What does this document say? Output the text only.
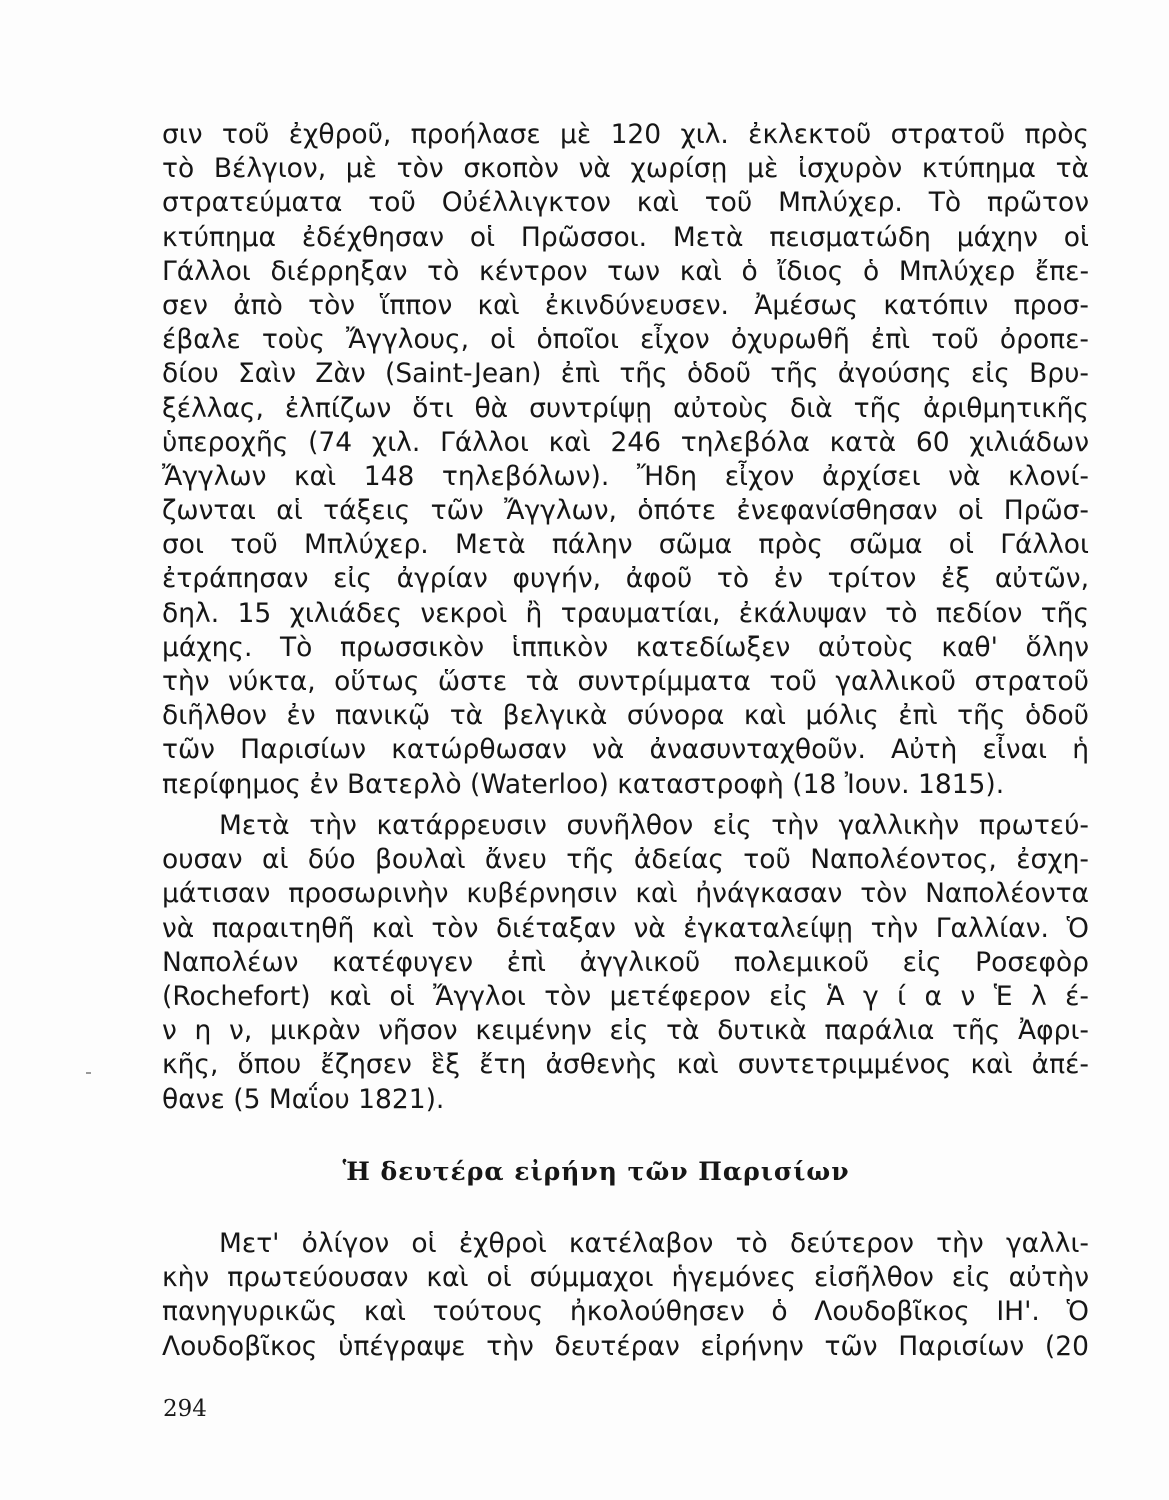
σιν τοῦ ἐχθροῦ, προήλασε μὲ 120 χιλ. ἐκλεκτοῦ στρατοῦ πρὸς
τὸ Βέλγιον, μὲ τὸν σκοπὸν νὰ χωρίσῃ μὲ ἰσχυρὸν κτύπημα τὰ
στρατεύματα τοῦ Οὐέλλιγκτον καὶ τοῦ Μπλύχερ. Τὸ πρῶτον
κτύπημα ἐδέχθησαν οἱ Πρῶσσοι. Μετὰ πεισματώδη μάχην οἱ
Γάλλοι διέρρηξαν τὸ κέντρον των καὶ ὁ ἴδιος ὁ Μπλύχερ ἔπε-
σεν ἀπὸ τὸν ἵππον καὶ ἐκινδύνευσεν. Ἀμέσως κατόπιν προσ-
έβαλε τοὺς Ἄγγλους, οἱ ὁποῖοι εἶχον ὀχυρωθῆ ἐπὶ τοῦ ὀροπε-
δίου Σαὶν Ζὰν (Saint-Jean) ἐπὶ τῆς ὁδοῦ τῆς ἀγούσης εἰς Βρυ-
ξέλλας, ἐλπίζων ὅτι θὰ συντρίψῃ αὐτοὺς διὰ τῆς ἀριθμητικῆς
ὑπεροχῆς (74 χιλ. Γάλλοι καὶ 246 τηλεβόλα κατὰ 60 χιλιάδων
Ἄγγλων καὶ 148 τηλεβόλων). Ἤδη εἶχον ἀρχίσει νὰ κλονί-
ζωνται αἱ τάξεις τῶν Ἄγγλων, ὁπότε ἐνεφανίσθησαν οἱ Πρῶσ-
σοι τοῦ Μπλύχερ. Μετὰ πάλην σῶμα πρὸς σῶμα οἱ Γάλλοι
ἐτράπησαν εἰς ἀγρίαν φυγήν, ἀφοῦ τὸ ἐν τρίτον ἐξ αὐτῶν,
δηλ. 15 χιλιάδες νεκροὶ ἢ τραυματίαι, ἐκάλυψαν τὸ πεδίον τῆς
μάχης. Τὸ πρωσσικὸν ἱππικὸν κατεδίωξεν αὐτοὺς καθ' ὅλην
τὴν νύκτα, οὕτως ὥστε τὰ συντρίμματα τοῦ γαλλικοῦ στρατοῦ
διῆλθον ἐν πανικῷ τὰ βελγικὰ σύνορα καὶ μόλις ἐπὶ τῆς ὁδοῦ
τῶν Παρισίων κατώρθωσαν νὰ ἀνασυνταχθοῦν. Αὐτὴ εἶναι ἡ
περίφημος ἐν Βατερλὸ (Waterloo) καταστροφὴ (18 Ἰουν. 1815).
Μετὰ τὴν κατάρρευσιν συνῆλθον εἰς τὴν γαλλικὴν πρωτεύ-
ουσαν αἱ δύο βουλαὶ ἄνευ τῆς ἀδείας τοῦ Ναπολέοντος, ἐσχη-
μάτισαν προσωρινὴν κυβέρνησιν καὶ ἠνάγκασαν τὸν Ναπολέοντα
νὰ παραιτηθῆ καὶ τὸν διέταξαν νὰ ἐγκαταλείψῃ τὴν Γαλλίαν. Ὁ
Ναπολέων κατέφυγεν ἐπὶ ἀγγλικοῦ πολεμικοῦ εἰς Ροσεφὸρ
(Rochefort) καὶ οἱ Ἄγγλοι τὸν μετέφερον εἰς Ἁ γ ί α ν Ἑ λ έ-
ν η ν, μικρὰν νῆσον κειμένην εἰς τὰ δυτικὰ παράλια τῆς Ἀφρι-
κῆς, ὅπου ἔζησεν ἓξ ἔτη ἀσθενὴς καὶ συντετριμμένος καὶ ἀπέ-
θανε (5 Μαΐου 1821).
Ἡ δευτέρα εἰρήνη τῶν Παρισίων
Μετ' ὀλίγον οἱ ἐχθροὶ κατέλαβον τὸ δεύτερον τὴν γαλλι-
κὴν πρωτεύουσαν καὶ οἱ σύμμαχοι ἡγεμόνες εἰσῆλθον εἰς αὐτὴν
πανηγυρικῶς καὶ τούτους ἠκολούθησεν ὁ Λουδοβῖκος ΙΗ'. Ὁ
Λουδοβῖκος ὑπέγραψε τὴν δευτέραν εἰρήνην τῶν Παρισίων (20
294
